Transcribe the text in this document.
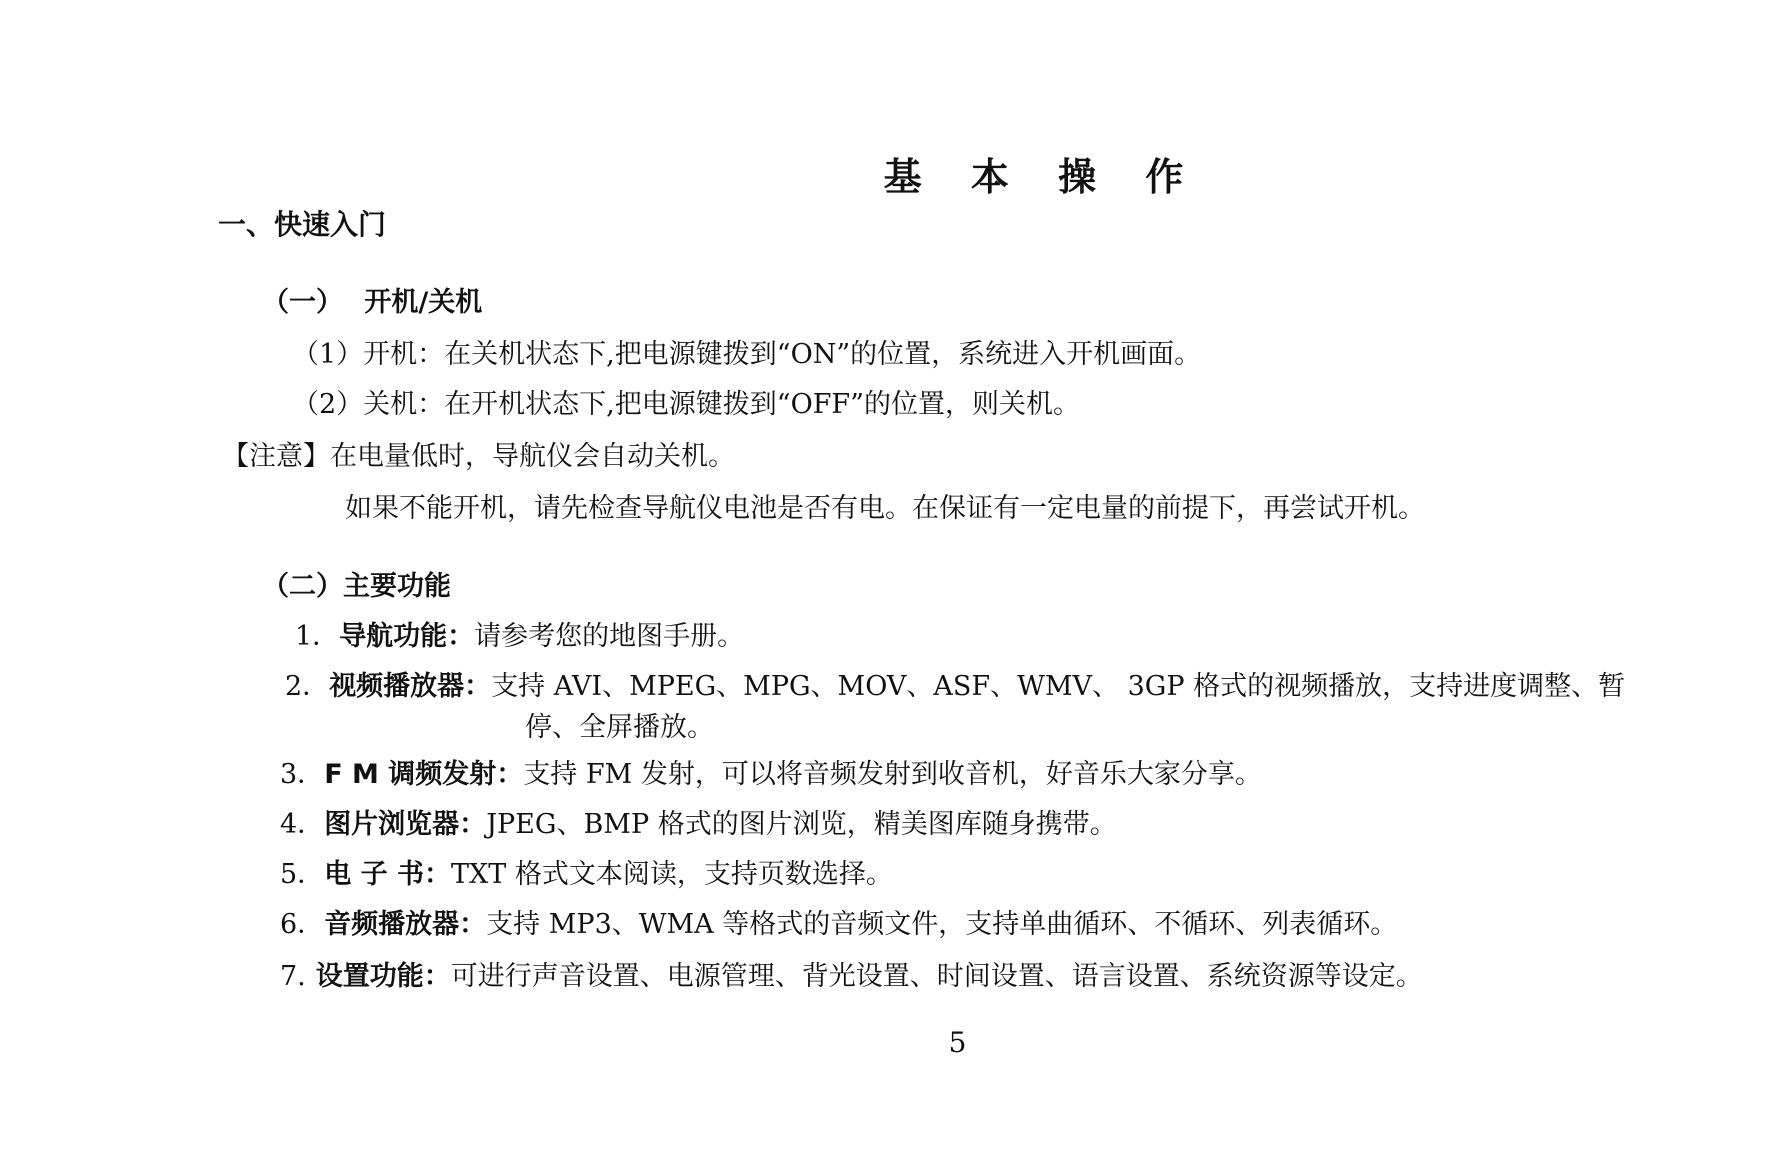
基 本 操 作
一、快速入门
（一） 开机/关机
（1）开机：在关机状态下,把电源键拨到“ON”的位置，系统进入开机画面。
（2）关机：在开机状态下,把电源键拨到“OFF”的位置，则关机。
【注意】在电量低时，导航仪会自动关机。
如果不能开机，请先检查导航仪电池是否有电。在保证有一定电量的前提下，再尝试开机。
（二）主要功能
1．导航功能：请参考您的地图手册。
2．视频播放器：支持 AVI、MPEG、MPG、MOV、ASF、WMV、 3GP 格式的视频播放，支持进度调整、暂
停、全屏播放。
3．F M 调频发射：支持 FM 发射，可以将音频发射到收音机，好音乐大家分享。
4．图片浏览器：JPEG、BMP 格式的图片浏览，精美图库随身携带。
5．电 子 书：TXT 格式文本阅读，支持页数选择。
6．音频播放器：支持 MP3、WMA 等格式的音频文件，支持单曲循环、不循环、列表循环。
7. 设置功能：可进行声音设置、电源管理、背光设置、时间设置、语言设置、系统资源等设定。
5
